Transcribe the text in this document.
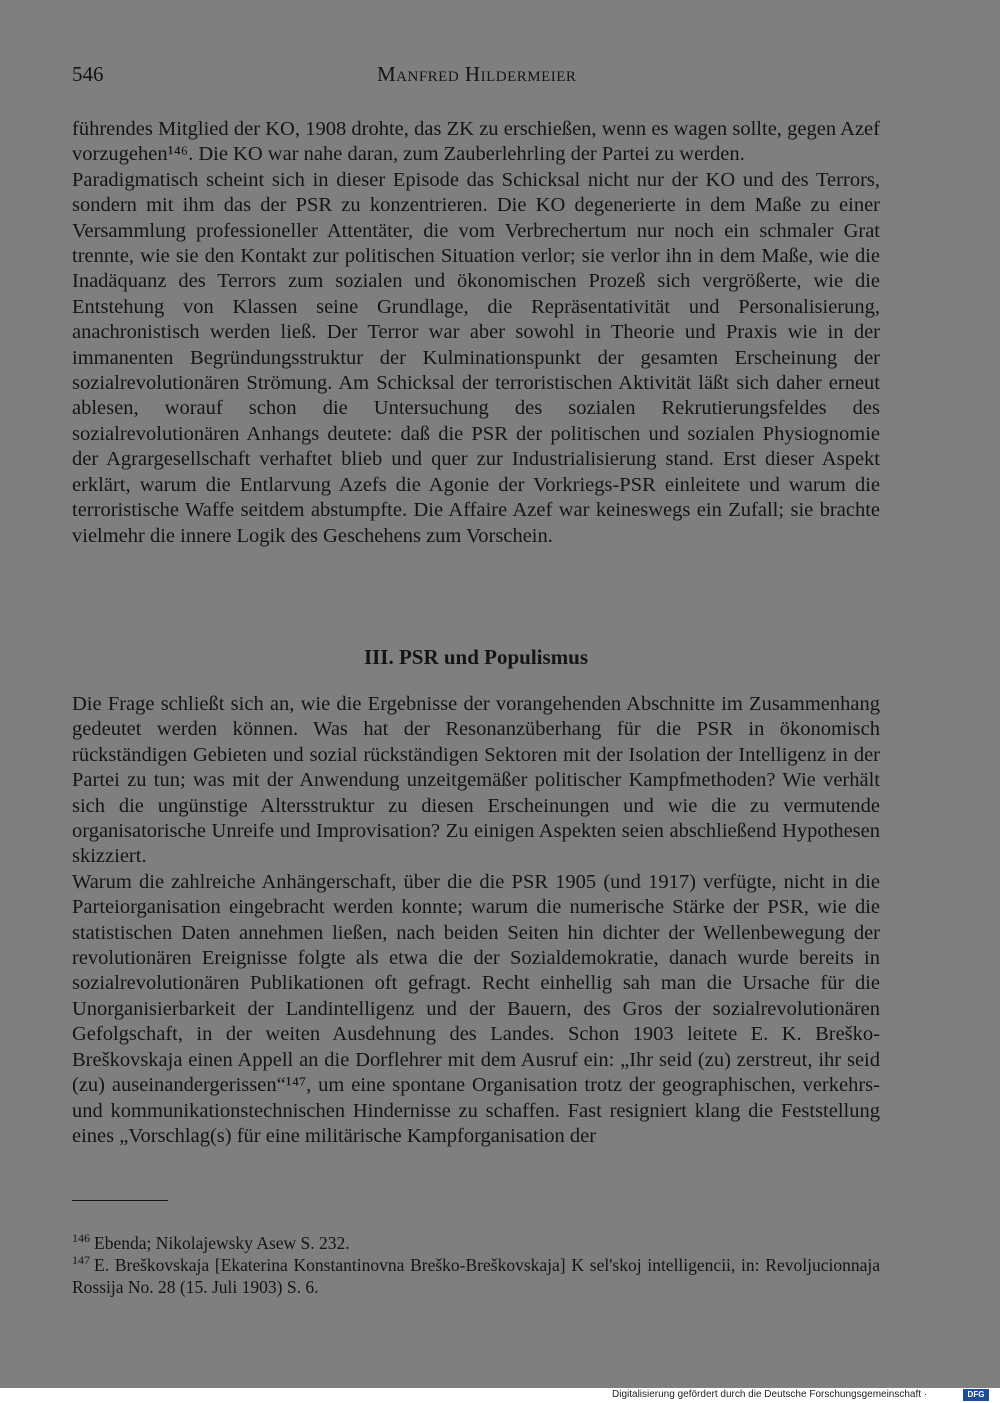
546	Manfred Hildermeier

führendes Mitglied der KO, 1908 drohte, das ZK zu erschießen, wenn es wagen sollte, gegen Azef vorzugehen¹⁴⁶. Die KO war nahe daran, zum Zauberlehrling der Partei zu werden.

Paradigmatisch scheint sich in dieser Episode das Schicksal nicht nur der KO und des Terrors, sondern mit ihm das der PSR zu konzentrieren. Die KO degenerierte in dem Maße zu einer Versammlung professioneller Attentäter, die vom Verbrechertum nur noch ein schmaler Grat trennte, wie sie den Kontakt zur politischen Situation verlor; sie verlor ihn in dem Maße, wie die Inadäquanz des Terrors zum sozialen und ökonomischen Prozeß sich vergrößerte, wie die Entstehung von Klassen seine Grundlage, die Repräsentativität und Personalisierung, anachronistisch werden ließ. Der Terror war aber sowohl in Theorie und Praxis wie in der immanenten Begründungsstruktur der Kulminationspunkt der gesamten Erscheinung der sozialrevolutionären Strömung. Am Schicksal der terroristischen Aktivität läßt sich daher erneut ablesen, worauf schon die Untersuchung des sozialen Rekrutierungsfeldes des sozialrevolutionären Anhangs deutete: daß die PSR der politischen und sozialen Physiognomie der Agrargesellschaft verhaftet blieb und quer zur Industrialisierung stand. Erst dieser Aspekt erklärt, warum die Entlarvung Azefs die Agonie der Vorkriegs-PSR einleitete und warum die terroristische Waffe seitdem abstumpfte. Die Affaire Azef war keineswegs ein Zufall; sie brachte vielmehr die innere Logik des Geschehens zum Vorschein.

III. PSR und Populismus

Die Frage schließt sich an, wie die Ergebnisse der vorangehenden Abschnitte im Zusammenhang gedeutet werden können. Was hat der Resonanzüberhang für die PSR in ökonomisch rückständigen Gebieten und sozial rückständigen Sektoren mit der Isolation der Intelligenz in der Partei zu tun; was mit der Anwendung unzeitgemäßer politischer Kampfmethoden? Wie verhält sich die ungünstige Altersstruktur zu diesen Erscheinungen und wie die zu vermutende organisatorische Unreife und Improvisation? Zu einigen Aspekten seien abschließend Hypothesen skizziert.

Warum die zahlreiche Anhängerschaft, über die die PSR 1905 (und 1917) verfügte, nicht in die Parteiorganisation eingebracht werden konnte; warum die numerische Stärke der PSR, wie die statistischen Daten annehmen ließen, nach beiden Seiten hin dichter der Wellenbewegung der revolutionären Ereignisse folgte als etwa die der Sozialdemokratie, danach wurde bereits in sozialrevolutionären Publikationen oft gefragt. Recht einhellig sah man die Ursache für die Unorganisierbarkeit der Landintelligenz und der Bauern, des Gros der sozialrevolutionären Gefolgschaft, in der weiten Ausdehnung des Landes. Schon 1903 leitete E. K. Breško-Breškovskaja einen Appell an die Dorflehrer mit dem Ausruf ein: „Ihr seid (zu) zerstreut, ihr seid (zu) auseinandergerissen“¹⁴⁷, um eine spontane Organisation trotz der geographischen, verkehrs- und kommunikationstechnischen Hindernisse zu schaffen. Fast resigniert klang die Feststellung eines „Vorschlag(s) für eine militärische Kampforganisation der

$^{146}$ Ebenda; Nikolajewsky Asew S. 232.

$^{147}$ E. Breškovskaja [Ekaterina Konstantinovna Breško-Breškovskaja] K sel'skoj intelligencii, in: Revoljucionnaja Rossija No. 28 (15. Juli 1903) S. 6.

Digitalisierung gefördert durch die Deutsche Forschungsgemeinschaft ·	DFG
